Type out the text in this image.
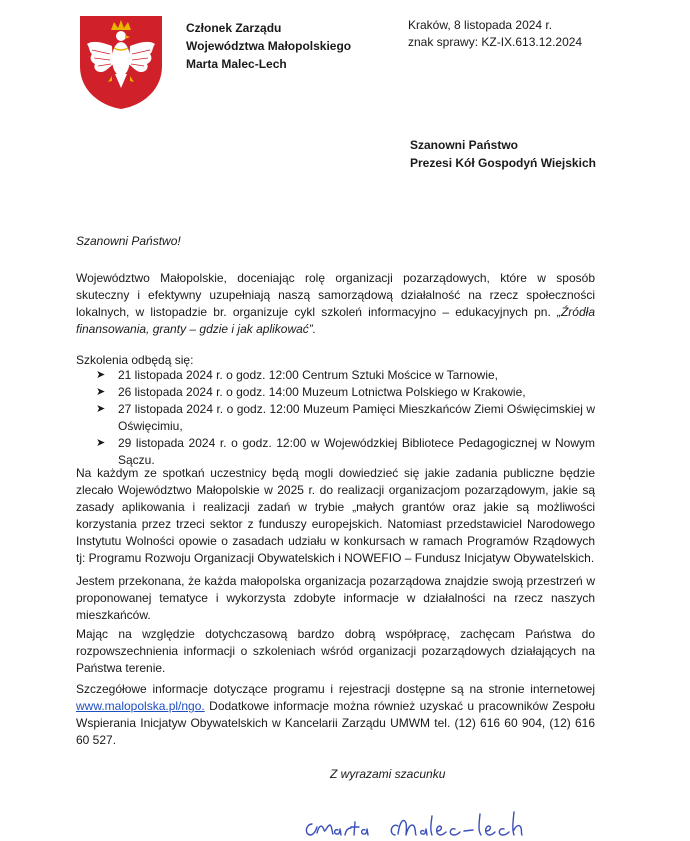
Członek Zarządu
Województwa Małopolskiego
Marta Malec-Lech
Kraków, 8 listopada 2024 r.
znak sprawy: KZ-IX.613.12.2024
Szanowni Państwo
Prezesi Kół Gospodyń Wiejskich
Szanowni Państwo!
Województwo Małopolskie, doceniając rolę organizacji pozarządowych, które w sposób skuteczny i efektywny uzupełniają naszą samorządową działalność na rzecz społeczności lokalnych, w listopadzie br. organizuje cykl szkoleń informacyjno – edukacyjnych pn. „Źródła finansowania, granty – gdzie i jak aplikować”.
Szkolenia odbędą się:
➤ 21 listopada 2024 r. o godz. 12:00 Centrum Sztuki Mościce w Tarnowie,
➤ 26 listopada 2024 r. o godz. 14:00 Muzeum Lotnictwa Polskiego w Krakowie,
➤ 27 listopada 2024 r. o godz. 12:00 Muzeum Pamięci Mieszkańców Ziemi Oświęcimskiej w Oświęcimiu,
➤ 29 listopada 2024 r. o godz. 12:00 w Wojewódzkiej Bibliotece Pedagogicznej w Nowym Sączu.
Na każdym ze spotkań uczestnicy będą mogli dowiedzieć się jakie zadania publiczne będzie zlecało Województwo Małopolskie w 2025 r. do realizacji organizacjom pozarządowym, jakie są zasady aplikowania i realizacji zadań w trybie „małych grantów oraz jakie są możliwości korzystania przez trzeci sektor z funduszy europejskich. Natomiast przedstawiciel Narodowego Instytutu Wolności opowie o zasadach udziału w konkursach w ramach Programów Rządowych tj: Programu Rozwoju Organizacji Obywatelskich i NOWEFIO – Fundusz Inicjatyw Obywatelskich.
Jestem przekonana, że każda małopolska organizacja pozarządowa znajdzie swoją przestrzeń w proponowanej tematyce i wykorzysta zdobyte informacje w działalności na rzecz naszych mieszkańców.
Mając na względzie dotychczasową bardzo dobrą współpracę, zachęcam Państwa do rozpowszechnienia informacji o szkoleniach wśród organizacji pozarządowych działających na Państwa terenie.
Szczegółowe informacje dotyczące programu i rejestracji dostępne są na stronie internetowej www.malopolska.pl/ngo. Dodatkowe informacje można również uzyskać u pracowników Zespołu Wspierania Inicjatyw Obywatelskich w Kancelarii Zarządu UMWM tel. (12) 616 60 904, (12) 616 60 527.
Z wyrazami szacunku
